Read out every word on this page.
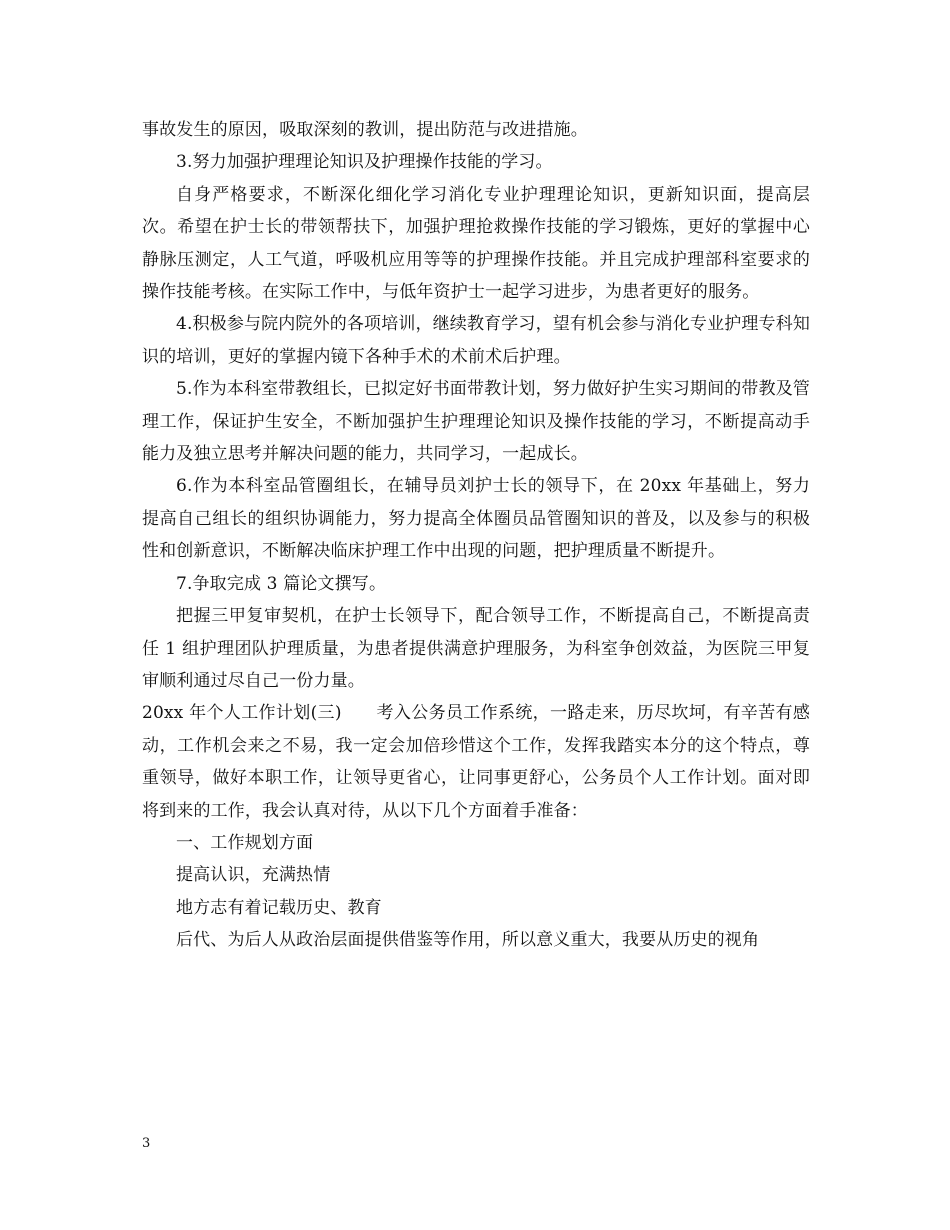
事故发生的原因，吸取深刻的教训，提出防范与改进措施。

3.努力加强护理理论知识及护理操作技能的学习。

自身严格要求，不断深化细化学习消化专业护理理论知识，更新知识面，提高层次。希望在护士长的带领帮扶下，加强护理抢救操作技能的学习锻炼，更好的掌握中心静脉压测定，人工气道，呼吸机应用等等的护理操作技能。并且完成护理部科室要求的操作技能考核。在实际工作中，与低年资护士一起学习进步，为患者更好的服务。

4.积极参与院内院外的各项培训，继续教育学习，望有机会参与消化专业护理专科知识的培训，更好的掌握内镜下各种手术的术前术后护理。

5.作为本科室带教组长，已拟定好书面带教计划，努力做好护生实习期间的带教及管理工作，保证护生安全，不断加强护生护理理论知识及操作技能的学习，不断提高动手能力及独立思考并解决问题的能力，共同学习，一起成长。

6.作为本科室品管圈组长，在辅导员刘护士长的领导下，在 20xx 年基础上，努力提高自己组长的组织协调能力，努力提高全体圈员品管圈知识的普及，以及参与的积极性和创新意识，不断解决临床护理工作中出现的问题，把护理质量不断提升。

7.争取完成 3 篇论文撰写。

把握三甲复审契机，在护士长领导下，配合领导工作，不断提高自己，不断提高责任 1 组护理团队护理质量，为患者提供满意护理服务，为科室争创效益，为医院三甲复审顺利通过尽自己一份力量。

20xx 年个人工作计划(三)　　考入公务员工作系统，一路走来，历尽坎坷，有辛苦有感动，工作机会来之不易，我一定会加倍珍惜这个工作，发挥我踏实本分的这个特点，尊重领导，做好本职工作，让领导更省心，让同事更舒心，公务员个人工作计划。面对即将到来的工作，我会认真对待，从以下几个方面着手准备：

一、工作规划方面

提高认识，充满热情

地方志有着记载历史、教育

后代、为后人从政治层面提供借鉴等作用，所以意义重大，我要从历史的视角

3
